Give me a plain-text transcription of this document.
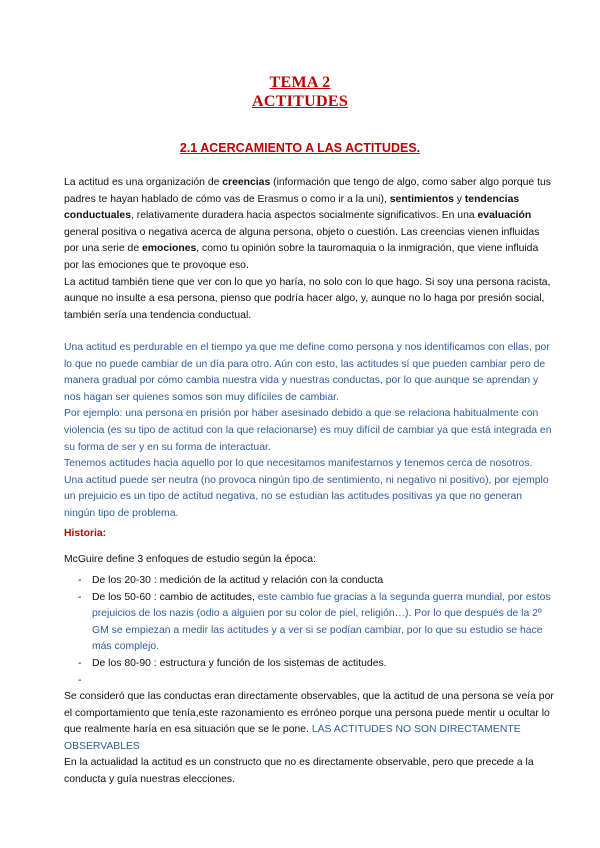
TEMA 2
ACTITUDES
2.1 ACERCAMIENTO A LAS ACTITUDES.

La actitud es una organización de creencias (información que tengo de algo, como saber algo porque tus padres te hayan hablado de cómo vas de Erasmus o como ir a la uni), sentimientos y tendencias conductuales, relativamente duradera hacia aspectos socialmente significativos. En una evaluación general positiva o negativa acerca de alguna persona, objeto o cuestión. Las creencias vienen influidas por una serie de emociones, como tu opinión sobre la tauromaquia o la inmigración, que viene influida por las emociones que te provoque eso.

La actitud también tiene que ver con lo que yo haría, no solo con lo que hago. Si soy una persona racista, aunque no insulte a esa persona, pienso que podría hacer algo, y, aunque no lo haga por presión social, también sería una tendencia conductual.

Una actitud es perdurable en el tiempo ya que me define como persona y nos identificamos con ellas, por lo que no puede cambiar de un día para otro. Aún con esto, las actitudes sí que pueden cambiar pero de manera gradual por cómo cambia nuestra vida y nuestras conductas, por lo que aunque se aprendan y nos hagan ser quienes somos son muy difíciles de cambiar.

Por ejemplo: una persona en prisión por haber asesinado debido a que se relaciona habitualmente con violencia (es su tipo de actitud con la que relacionarse) es muy difícil de cambiar ya que está integrada en su forma de ser y en su forma de interactuar.

Tenemos actitudes hacia aquello por lo que necesitamos manifestarnos y tenemos cerca de nosotros. Una actitud puede ser neutra (no provoca ningún tipo de sentimiento, ni negativo ni positivo), por ejemplo un prejuicio es un tipo de actitud negativa, no se estudian las actitudes positivas ya que no generan ningún tipo de problema.

Historia:
McGuire define 3 enfoques de estudio según la época:
- De los 20-30 : medición de la actitud y relación con la conducta
- De los 50-60 : cambio de actitudes, este cambio fue gracias a la segunda guerra mundial, por estos prejuicios de los nazis (odio a alguien por su color de piel, religión…). Por lo que después de la 2º GM se empiezan a medir las actitudes y a ver si se podían cambiar, por lo que su estudio se hace más complejo.
- De los 80-90 : estructura y función de los sistemas de actitudes.
-

Se consideró que las conductas eran directamente observables, que la actitud de una persona se veía por el comportamiento que tenía,este razonamiento es erróneo porque una persona puede mentir u ocultar lo que realmente haría en esa situación que se le pone. LAS ACTITUDES NO SON DIRECTAMENTE OBSERVABLES

En la actualidad la actitud es un constructo que no es directamente observable, pero que precede a la conducta y guía nuestras elecciones.
